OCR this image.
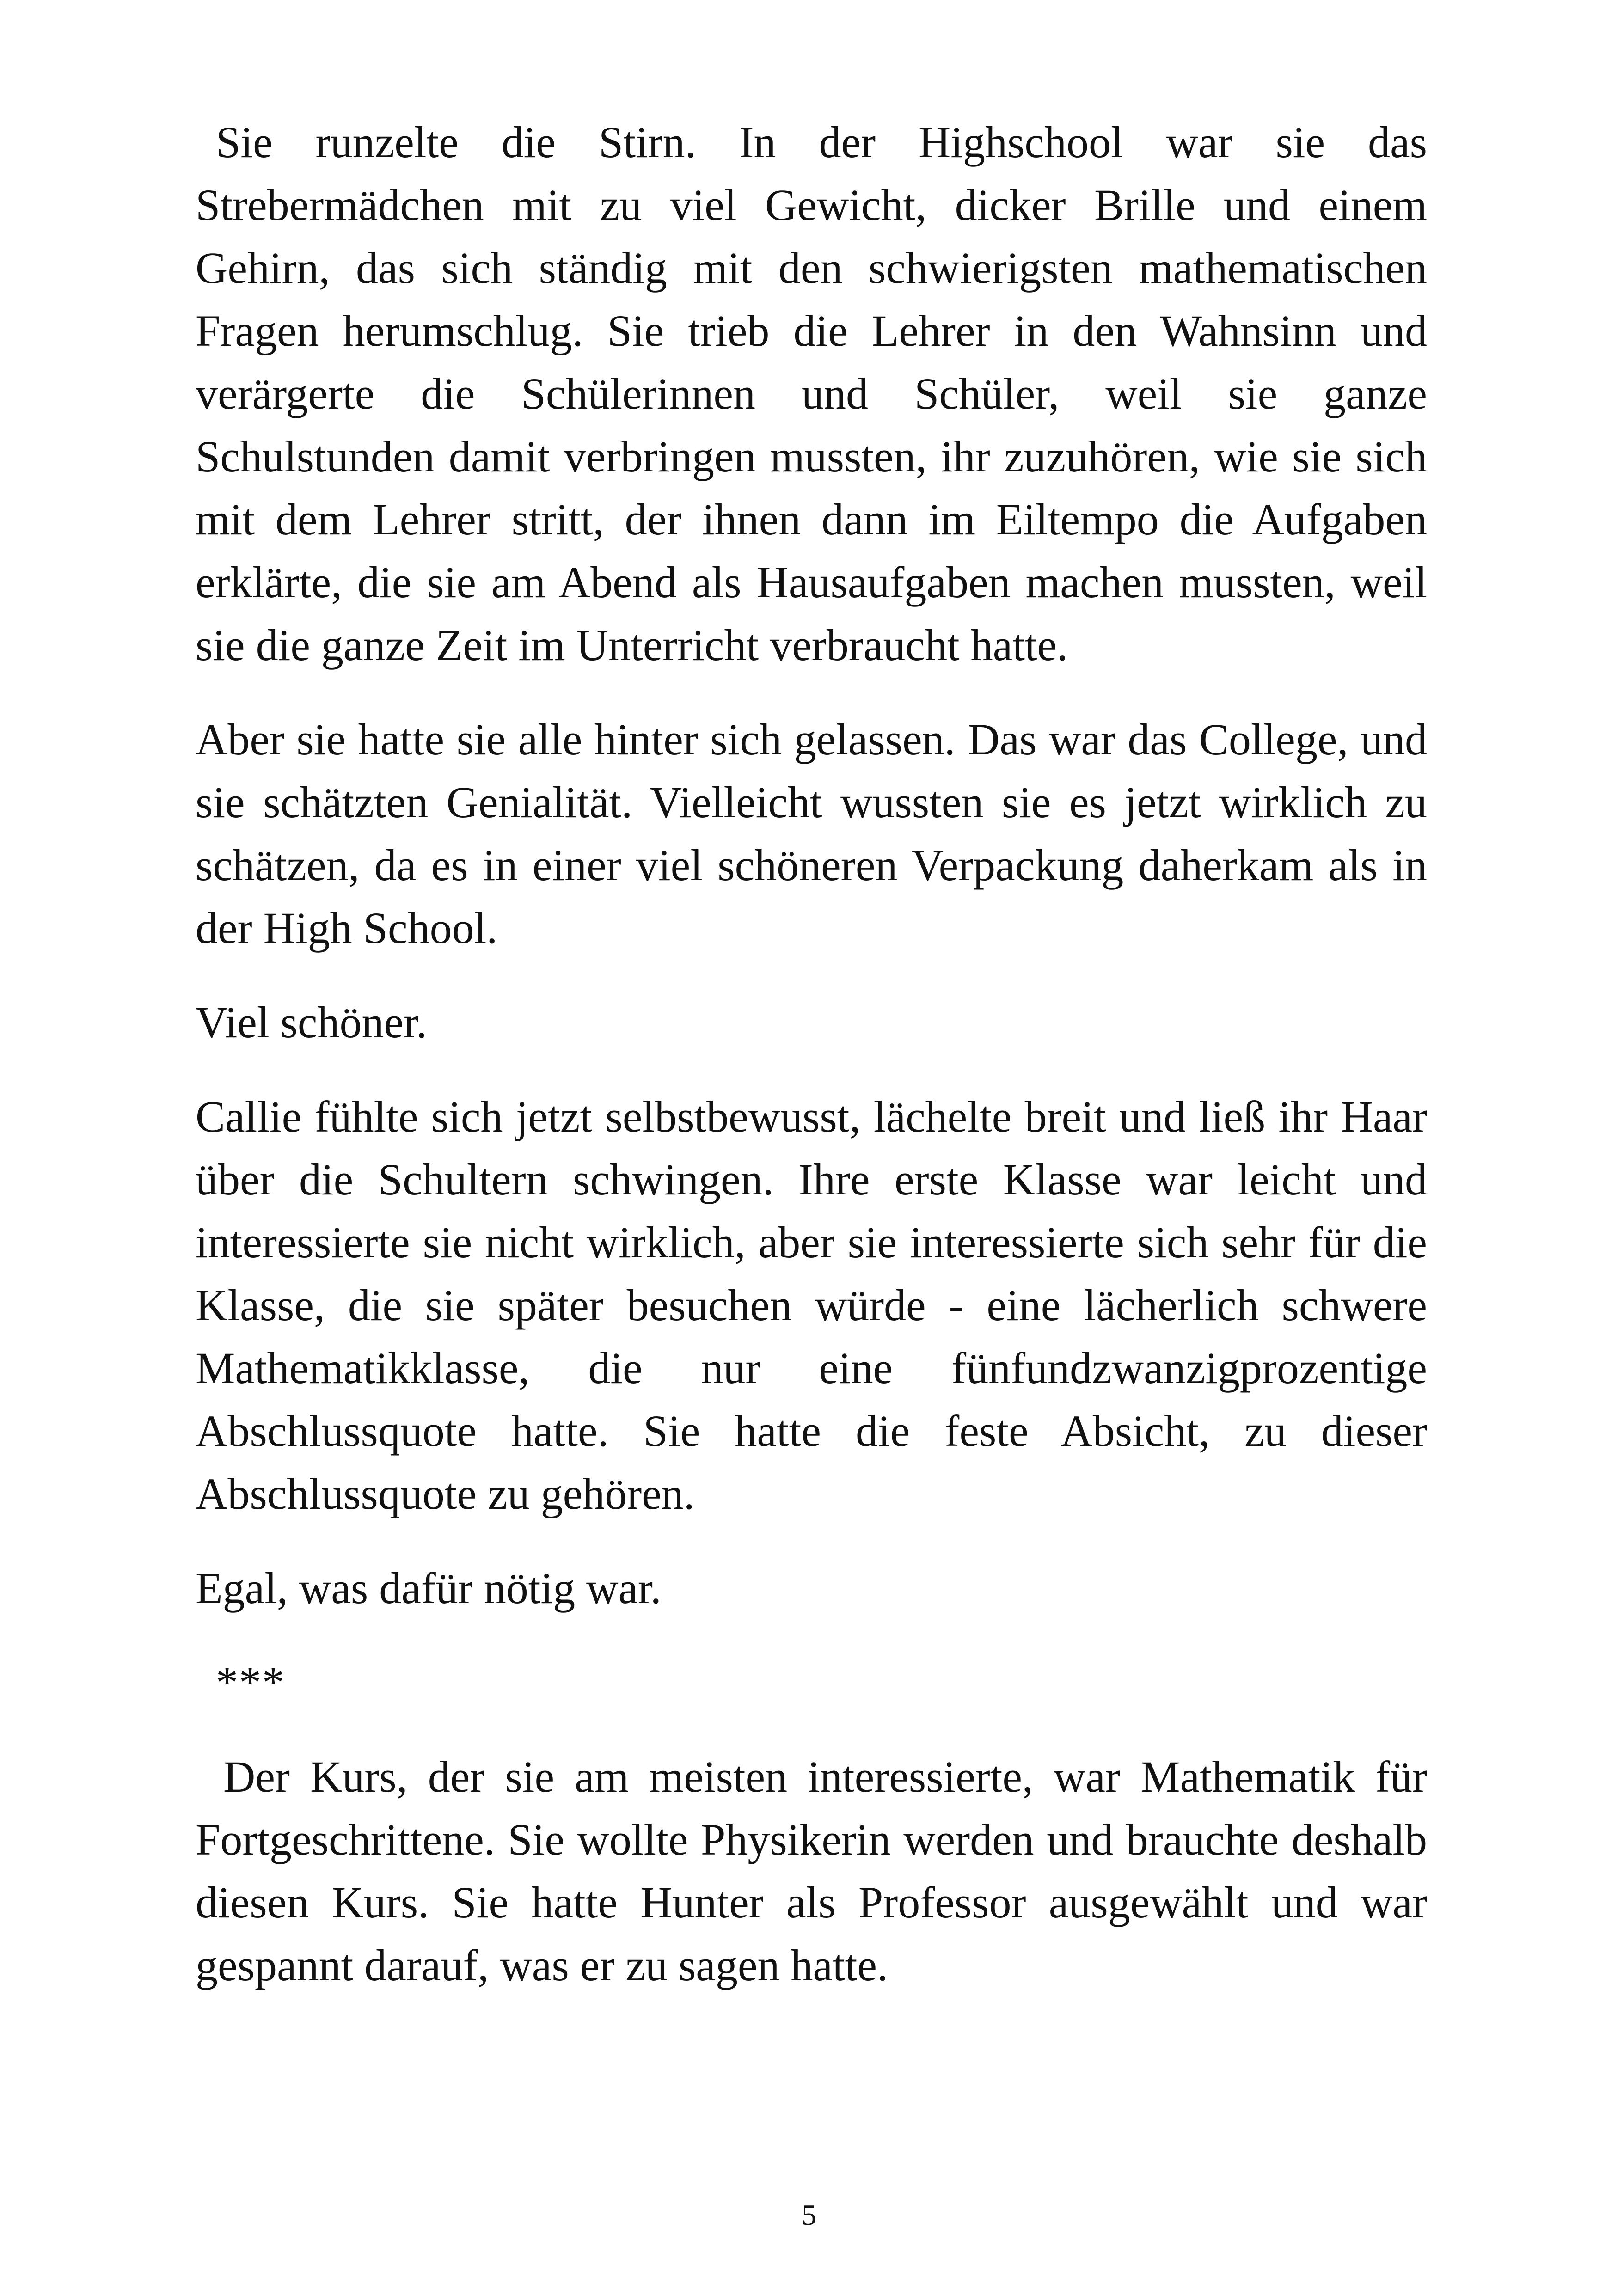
Sie runzelte die Stirn. In der Highschool war sie das Strebermädchen mit zu viel Gewicht, dicker Brille und einem Gehirn, das sich ständig mit den schwierigsten mathematischen Fragen herumschlug. Sie trieb die Lehrer in den Wahnsinn und verärgerte die Schülerinnen und Schüler, weil sie ganze Schulstunden damit verbringen mussten, ihr zuzuhören, wie sie sich mit dem Lehrer stritt, der ihnen dann im Eiltempo die Aufgaben erklärte, die sie am Abend als Hausaufgaben machen mussten, weil sie die ganze Zeit im Unterricht verbraucht hatte.

Aber sie hatte sie alle hinter sich gelassen. Das war das College, und sie schätzten Genialität. Vielleicht wussten sie es jetzt wirklich zu schätzen, da es in einer viel schöneren Verpackung daherkam als in der High School.

Viel schöner.

Callie fühlte sich jetzt selbstbewusst, lächelte breit und ließ ihr Haar über die Schultern schwingen. Ihre erste Klasse war leicht und interessierte sie nicht wirklich, aber sie interessierte sich sehr für die Klasse, die sie später besuchen würde - eine lächerlich schwere Mathematikklasse, die nur eine fünfundzwanzigprozentige Abschlussquote hatte. Sie hatte die feste Absicht, zu dieser Abschlussquote zu gehören.

Egal, was dafür nötig war.

***

Der Kurs, der sie am meisten interessierte, war Mathematik für Fortgeschrittene. Sie wollte Physikerin werden und brauchte deshalb diesen Kurs. Sie hatte Hunter als Professor ausgewählt und war gespannt darauf, was er zu sagen hatte.

5
